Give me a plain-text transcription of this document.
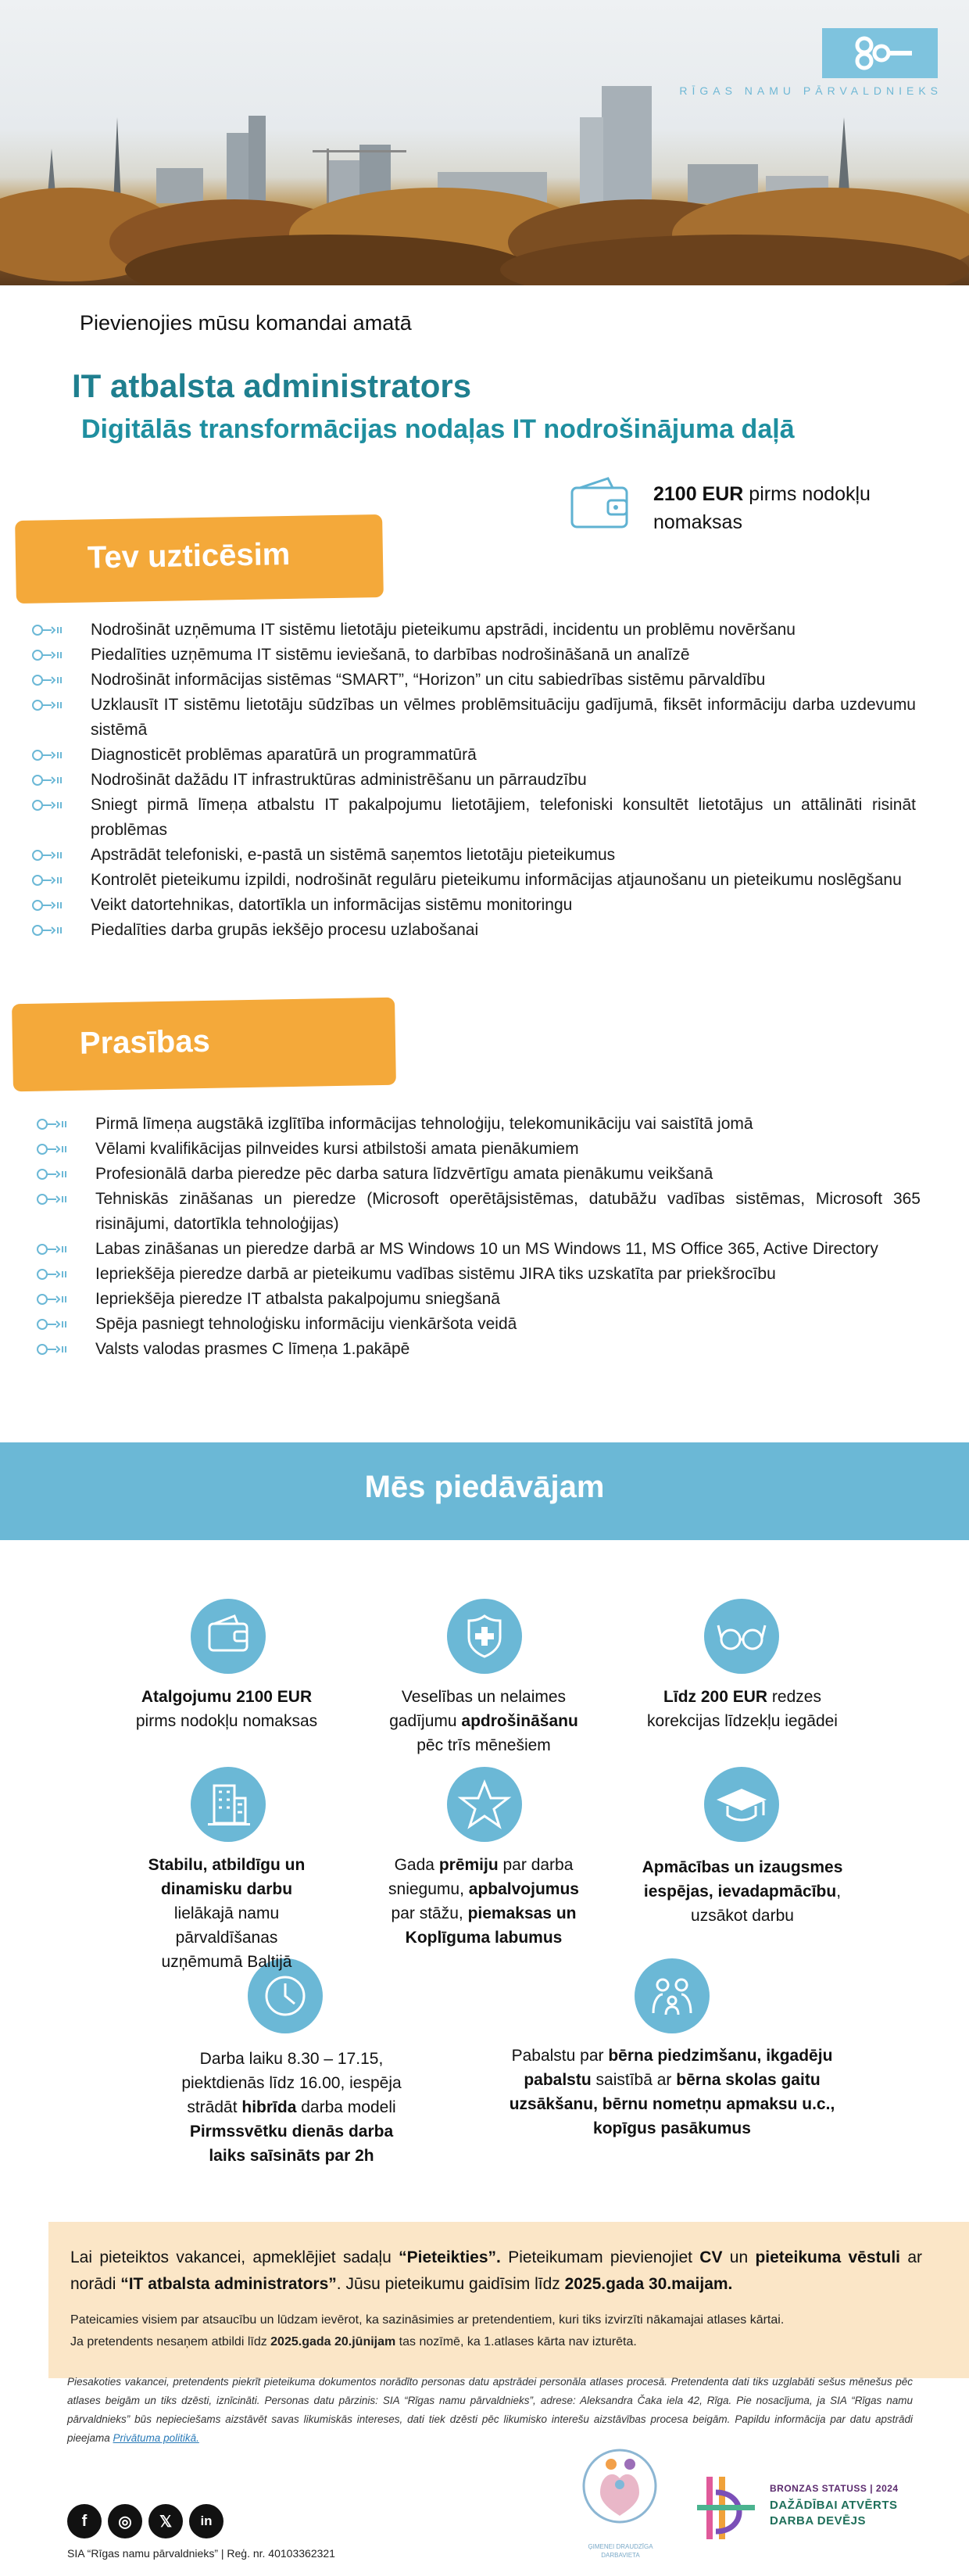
RĪGAS NAMU PĀRVALDNIEKS
Pievienojies mūsu komandai amatā
IT atbalsta administrators
Digitālās transformācijas nodaļas IT nodrošinājuma daļā
2100 EUR pirms nodokļu nomaksas
Tev uzticēsim
Nodrošināt uzņēmuma IT sistēmu lietotāju pieteikumu apstrādi, incidentu un problēmu novēršanu
Piedalīties uzņēmuma IT sistēmu ieviešanā, to darbības nodrošināšanā un analīzē
Nodrošināt informācijas sistēmas “SMART”, “Horizon” un citu sabiedrības sistēmu pārvaldību
Uzklausīt IT sistēmu lietotāju sūdzības un vēlmes problēmsituāciju gadījumā, fiksēt informāciju darba uzdevumu sistēmā
Diagnosticēt problēmas aparatūrā un programmatūrā
Nodrošināt dažādu IT infrastruktūras administrēšanu un pārraudzību
Sniegt pirmā līmeņa atbalstu IT pakalpojumu lietotājiem, telefoniski konsultēt lietotājus un attālināti risināt problēmas
Apstrādāt telefoniski, e-pastā un sistēmā saņemtos lietotāju pieteikumus
Kontrolēt pieteikumu izpildi, nodrošināt regulāru pieteikumu informācijas atjaunošanu un pieteikumu noslēgšanu
Veikt datortehnikas, datortīkla un informācijas sistēmu monitoringu
Piedalīties darba grupās iekšējo procesu uzlabošanai
Prasības
Pirmā līmeņa augstākā izglītība informācijas tehnoloģiju, telekomunikāciju vai saistītā jomā
Vēlami kvalifikācijas pilnveides kursi atbilstoši amata pienākumiem
Profesionālā darba pieredze pēc darba satura līdzvērtīgu amata pienākumu veikšanā
Tehniskās zināšanas un pieredze (Microsoft operētājsistēmas, datubāžu vadības sistēmas, Microsoft 365 risinājumi, datortīkla tehnoloģijas)
Labas zināšanas un pieredze darbā ar MS Windows 10 un MS Windows 11, MS Office 365, Active Directory
Iepriekšēja pieredze darbā ar pieteikumu vadības sistēmu JIRA tiks uzskatīta par priekšrocību
Iepriekšēja pieredze IT atbalsta pakalpojumu sniegšanā
Spēja pasniegt tehnoloģisku informāciju vienkāršota veidā
Valsts valodas prasmes C līmeņa 1.pakāpē
Mēs piedāvājam
Atalgojumu 2100 EUR
pirms nodokļu nomaksas
Veselības un nelaimes gadījumu apdrošināšanu pēc trīs mēnešiem
Līdz 200 EUR redzes korekcijas līdzekļu iegādei
Stabilu, atbildīgu un dinamisku darbu lielākajā namu pārvaldīšanas uzņēmumā Baltijā
Gada prēmiju par darba sniegumu, apbalvojumus par stāžu, piemaksas un Koplīguma labumus
Apmācības un izaugsmes iespējas, ievadapmācību, uzsākot darbu
Darba laiku 8.30 – 17.15, piektdienās līdz 16.00, iespēja strādāt hibrīda darba modeli Pirmssvētku dienās darba laiks saīsināts par 2h
Pabalstu par bērna piedzimšanu, ikgadēju pabalstu saistībā ar bērna skolas gaitu uzsākšanu, bērnu nometņu apmaksu u.c., kopīgus pasākumus
Lai pieteiktos vakancei, apmeklējiet sadaļu “Pieteikties”. Pieteikumam pievienojiet CV un pieteikuma vēstuli ar norādi “IT atbalsta administrators”. Jūsu pieteikumu gaidīsim līdz 2025.gada 30.maijam.
Pateicamies visiem par atsaucību un lūdzam ievērot, ka sazināsimies ar pretendentiem, kuri tiks izvirzīti nākamajai atlases kārtai.
Ja pretendents nesaņem atbildi līdz 2025.gada 20.jūnijam tas nozīmē, ka 1.atlases kārta nav izturēta.
Piesakoties vakancei, pretendents piekrīt pieteikuma dokumentos norādīto personas datu apstrādei personāla atlases procesā. Pretendenta dati tiks uzglabāti sešus mēnešus pēc atlases beigām un tiks dzēsti, iznīcināti. Personas datu pārzinis: SIA “Rīgas namu pārvaldnieks”, adrese: Aleksandra Čaka iela 42, Rīga. Pie nosacījuma, ja SIA “Rīgas namu pārvaldnieks” būs nepieciešams aizstāvēt savas likumiskās intereses, dati tiek dzēsti pēc likumisko interešu aizstāvības procesa beigām. Papildu informācija par datu apstrādi pieejama Privātuma politikā.
f	◎	𝕏	in
SIA “Rīgas namu pārvaldnieks” | Reģ. nr. 40103362321
ĢIMENEI DRAUDZĪGA DARBAVIETA
BRONZAS STATUSS | 2024
DAŽĀDĪBAI ATVĒRTS
DARBA DEVĒJS
